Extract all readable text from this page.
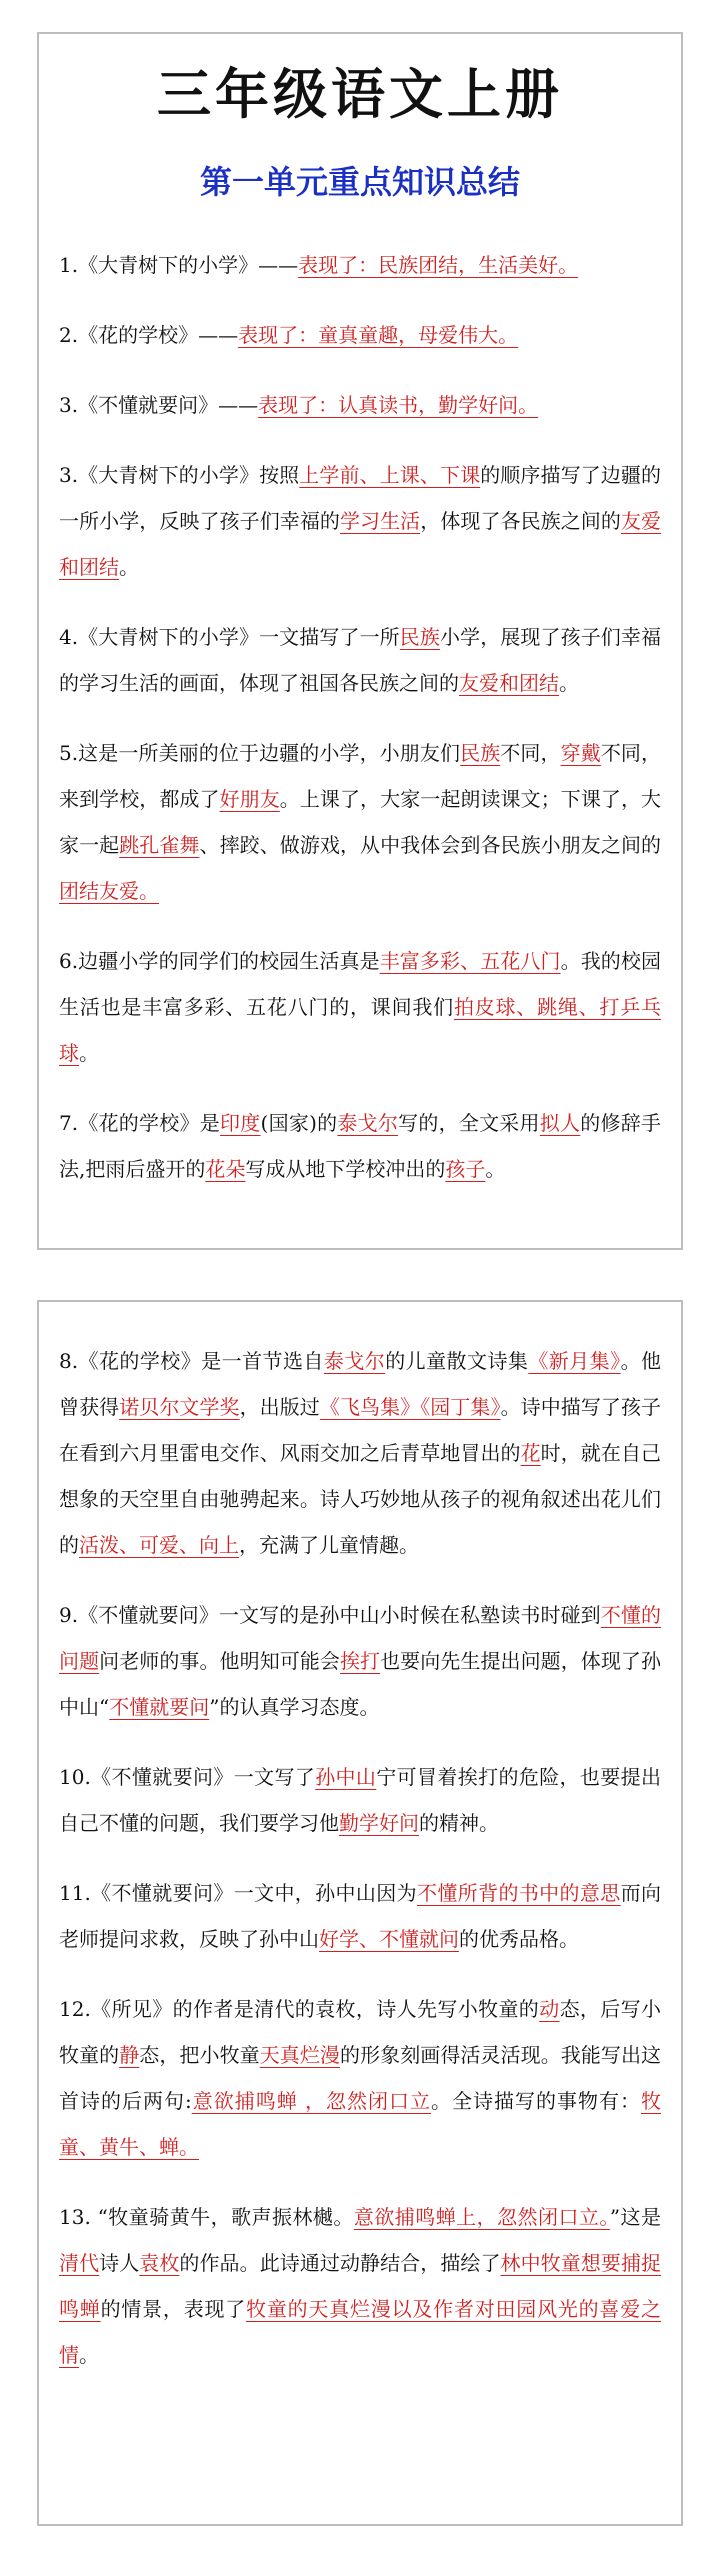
三年级语文上册
第一单元重点知识总结
1.《大青树下的小学》——表现了：民族团结，生活美好。
2.《花的学校》——表现了：童真童趣，母爱伟大。
3.《不懂就要问》——表现了：认真读书，勤学好问。
3.《大青树下的小学》按照上学前、上课、下课的顺序描写了边疆的一所小学，反映了孩子们幸福的学习生活，体现了各民族之间的友爱和团结。
4.《大青树下的小学》一文描写了一所民族小学，展现了孩子们幸福的学习生活的画面，体现了祖国各民族之间的友爱和团结。
5.这是一所美丽的位于边疆的小学，小朋友们民族不同，穿戴不同，来到学校，都成了好朋友。上课了，大家一起朗读课文；下课了，大家一起跳孔雀舞、摔跤、做游戏，从中我体会到各民族小朋友之间的团结友爱。
6.边疆小学的同学们的校园生活真是丰富多彩、五花八门。我的校园生活也是丰富多彩、五花八门的，课间我们拍皮球、跳绳、打乒乓球。
7.《花的学校》是印度(国家)的泰戈尔写的，全文采用拟人的修辞手法,把雨后盛开的花朵写成从地下学校冲出的孩子。
8.《花的学校》是一首节选自泰戈尔的儿童散文诗集《新月集》。他曾获得诺贝尔文学奖，出版过《飞鸟集》《园丁集》。诗中描写了孩子在看到六月里雷电交作、风雨交加之后青草地冒出的花时，就在自己想象的天空里自由驰骋起来。诗人巧妙地从孩子的视角叙述出花儿们的活泼、可爱、向上，充满了儿童情趣。
9.《不懂就要问》一文写的是孙中山小时候在私塾读书时碰到不懂的问题问老师的事。他明知可能会挨打也要向先生提出问题，体现了孙中山“不懂就要问”的认真学习态度。
10.《不懂就要问》一文写了孙中山宁可冒着挨打的危险，也要提出自己不懂的问题，我们要学习他勤学好问的精神。
11.《不懂就要问》一文中，孙中山因为不懂所背的书中的意思而向老师提问求救，反映了孙中山好学、不懂就问的优秀品格。
12.《所见》的作者是清代的袁枚，诗人先写小牧童的动态，后写小牧童的静态，把小牧童天真烂漫的形象刻画得活灵活现。我能写出这首诗的后两句:意欲捕鸣蝉 ，忽然闭口立。全诗描写的事物有：牧童、黄牛、蝉。
13. “牧童骑黄牛，歌声振林樾。意欲捕鸣蝉上，忽然闭口立。”这是清代诗人袁枚的作品。此诗通过动静结合，描绘了林中牧童想要捕捉鸣蝉的情景，表现了牧童的天真烂漫以及作者对田园风光的喜爱之情。
